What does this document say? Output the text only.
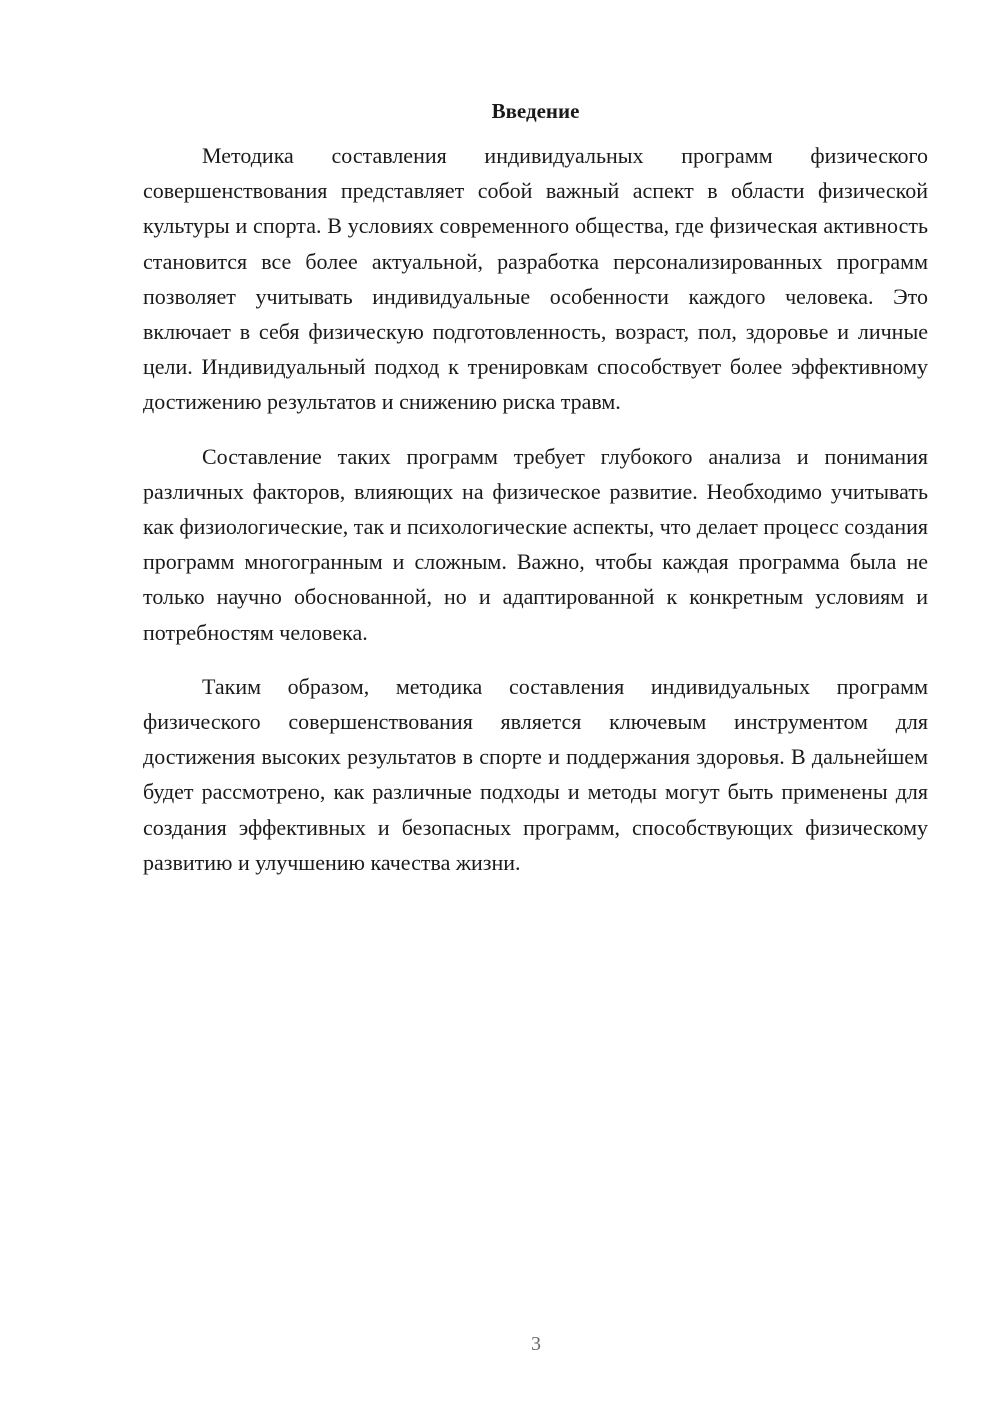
Введение

Методика составления индивидуальных программ физического совершенствования представляет собой важный аспект в области физической культуры и спорта. В условиях современного общества, где физическая активность становится все более актуальной, разработка персонализированных программ позволяет учитывать индивидуальные особенности каждого человека. Это включает в себя физическую подготовленность, возраст, пол, здоровье и личные цели. Индивидуальный подход к тренировкам способствует более эффективному достижению результатов и снижению риска травм.

Составление таких программ требует глубокого анализа и понимания различных факторов, влияющих на физическое развитие. Необходимо учитывать как физиологические, так и психологические аспекты, что делает процесс создания программ многогранным и сложным. Важно, чтобы каждая программа была не только научно обоснованной, но и адаптированной к конкретным условиям и потребностям человека.

Таким образом, методика составления индивидуальных программ физического совершенствования является ключевым инструментом для достижения высоких результатов в спорте и поддержания здоровья. В дальнейшем будет рассмотрено, как различные подходы и методы могут быть применены для создания эффективных и безопасных программ, способствующих физическому развитию и улучшению качества жизни.

3
